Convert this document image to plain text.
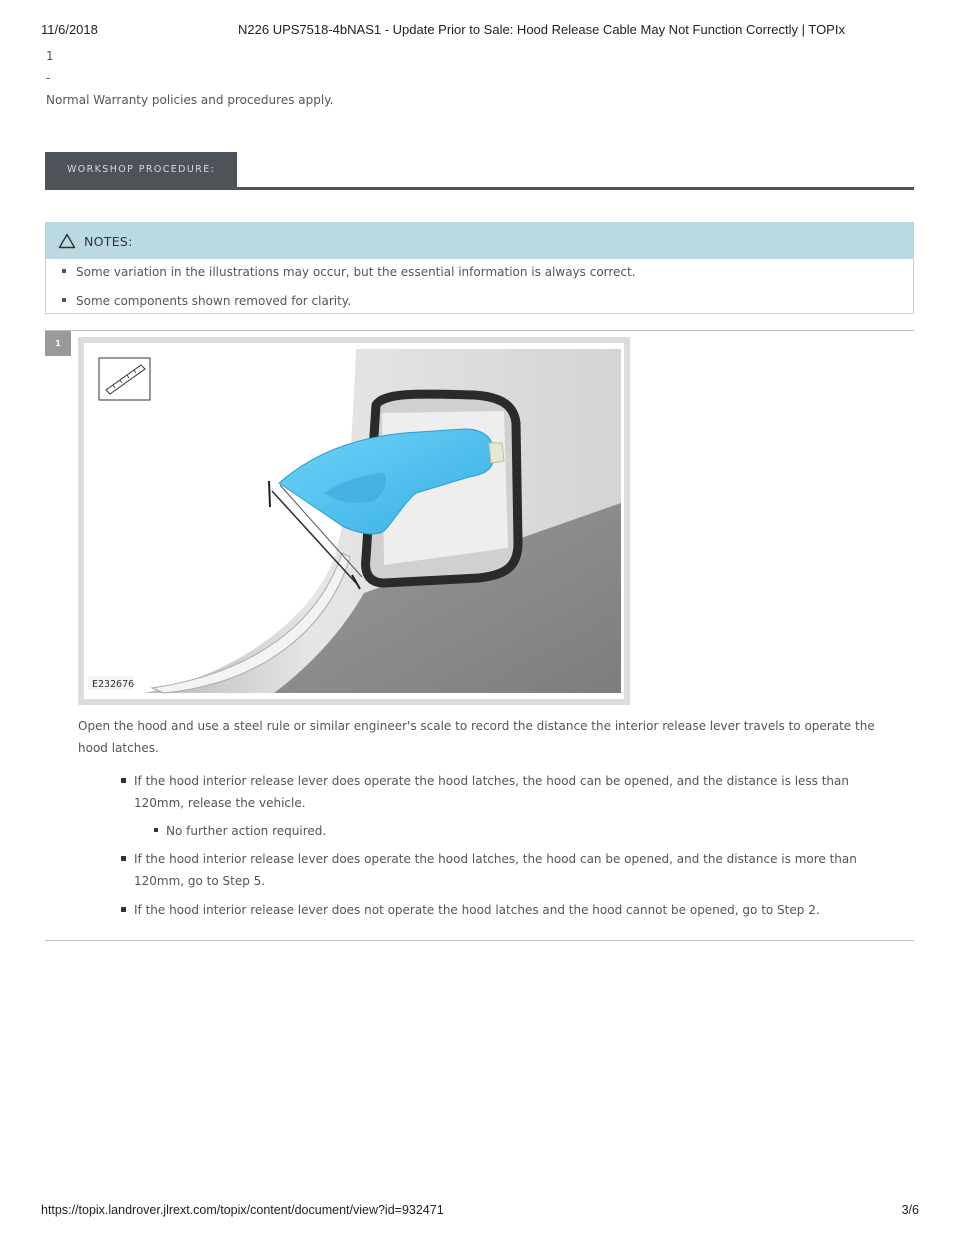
11/6/2018	N226 UPS7518-4bNAS1 - Update Prior to Sale: Hood Release Cable May Not Function Correctly | TOPIx
1
-
Normal Warranty policies and procedures apply.
WORKSHOP PROCEDURE:
NOTES:
Some variation in the illustrations may occur, but the essential information is always correct.
Some components shown removed for clarity.
1
E232676
Open the hood and use a steel rule or similar engineer's scale to record the distance the interior release lever travels to operate the hood latches.
If the hood interior release lever does operate the hood latches, the hood can be opened, and the distance is less than 120mm, release the vehicle.
No further action required.
If the hood interior release lever does operate the hood latches, the hood can be opened, and the distance is more than 120mm, go to Step 5.
If the hood interior release lever does not operate the hood latches and the hood cannot be opened, go to Step 2.
https://topix.landrover.jlrext.com/topix/content/document/view?id=932471	3/6
